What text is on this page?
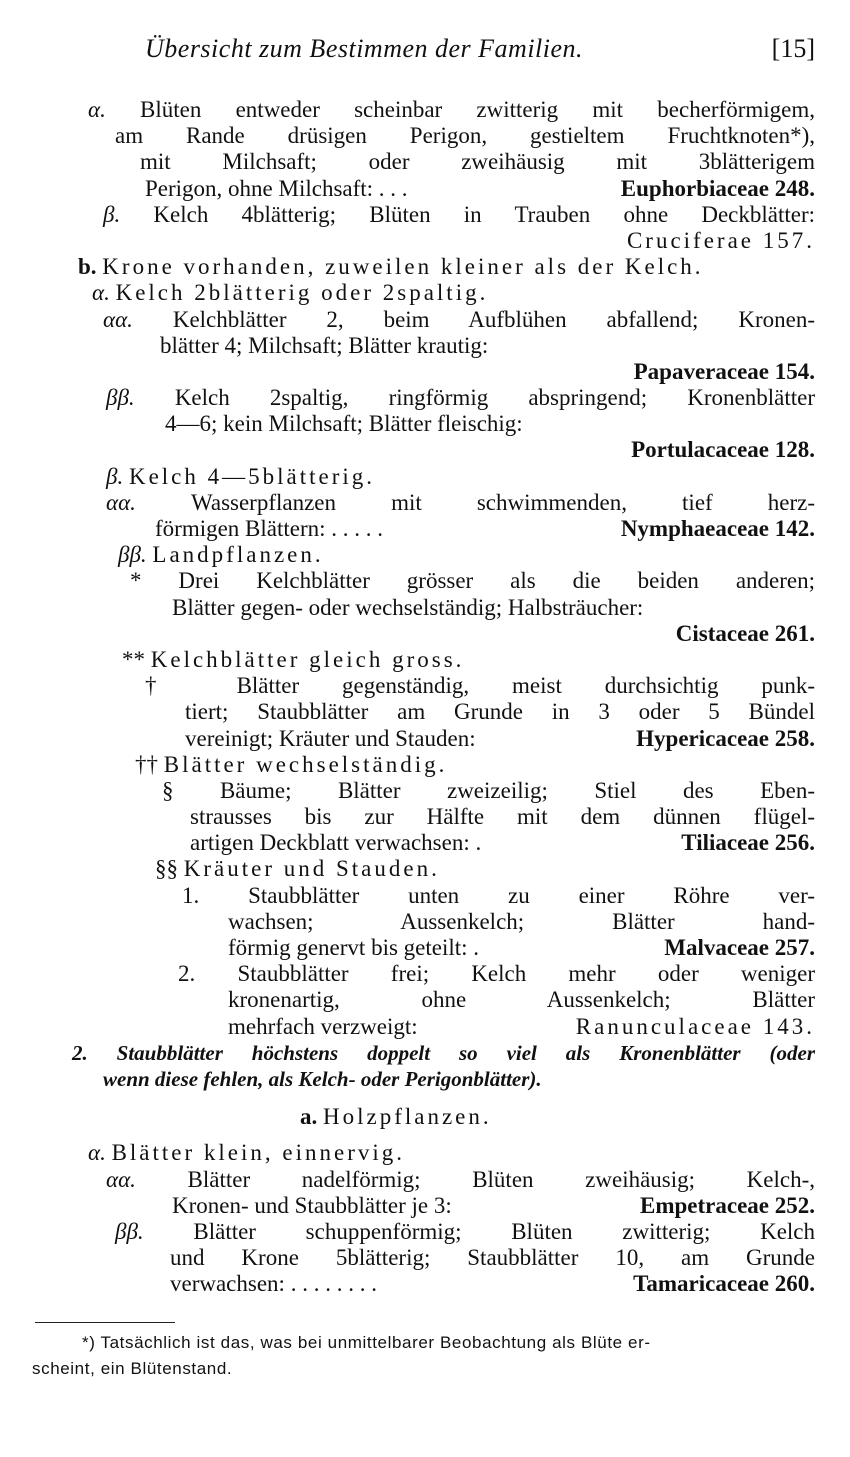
Übersicht zum Bestimmen der Familien.	[15]
α. Blüten entweder scheinbar zwitterig mit becherförmigem,
am Rande drüsigen Perigon, gestieltem Fruchtknoten*),
mit Milchsaft; oder zweihäusig mit 3blätterigem
Perigon, ohne Milchsaft: . . .	Euphorbiaceae 248.
β. Kelch 4blätterig; Blüten in Trauben ohne Deckblätter:
Cruciferae 157.
b. Krone vorhanden, zuweilen kleiner als der Kelch.
α. Kelch 2blätterig oder 2spaltig.
αα. Kelchblätter 2, beim Aufblühen abfallend; Kronen-
blätter 4; Milchsaft; Blätter krautig:
Papaveraceae 154.
ββ. Kelch 2spaltig, ringförmig abspringend; Kronenblätter
4—6; kein Milchsaft; Blätter fleischig:
Portulacaceae 128.
β. Kelch 4—5blätterig.
αα. Wasserpflanzen mit schwimmenden, tief herz-
förmigen Blättern: . . . . .	Nymphaeaceae 142.
ββ. Landpflanzen.
* Drei Kelchblätter grösser als die beiden anderen;
Blätter gegen- oder wechselständig; Halbsträucher:
Cistaceae 261.
** Kelchblätter gleich gross.
† Blätter gegenständig, meist durchsichtig punk-
tiert; Staubblätter am Grunde in 3 oder 5 Bündel
vereinigt; Kräuter und Stauden:	Hypericaceae 258.
†† Blätter wechselständig.
§ Bäume; Blätter zweizeilig; Stiel des Eben-
strausses bis zur Hälfte mit dem dünnen flügel-
artigen Deckblatt verwachsen: .	Tiliaceae 256.
§§ Kräuter und Stauden.
1. Staubblätter unten zu einer Röhre ver-
wachsen; Aussenkelch; Blätter hand-
förmig genervt bis geteilt: .	Malvaceae 257.
2. Staubblätter frei; Kelch mehr oder weniger
kronenartig, ohne Aussenkelch; Blätter
mehrfach verzweigt:	Ranunculaceae 143.
2. Staubblätter höchstens doppelt so viel als Kronenblätter (oder
wenn diese fehlen, als Kelch- oder Perigonblätter).
a. Holzpflanzen.
α. Blätter klein, einnervig.
αα. Blätter nadelförmig; Blüten zweihäusig; Kelch-,
Kronen- und Staubblätter je 3:	Empetraceae 252.
ββ. Blätter schuppenförmig; Blüten zwitterig; Kelch
und Krone 5blätterig; Staubblätter 10, am Grunde
verwachsen: . . . . . . . .	Tamaricaceae 260.
*) Tatsächlich ist das, was bei unmittelbarer Beobachtung als Blüte er-
scheint, ein Blütenstand.
